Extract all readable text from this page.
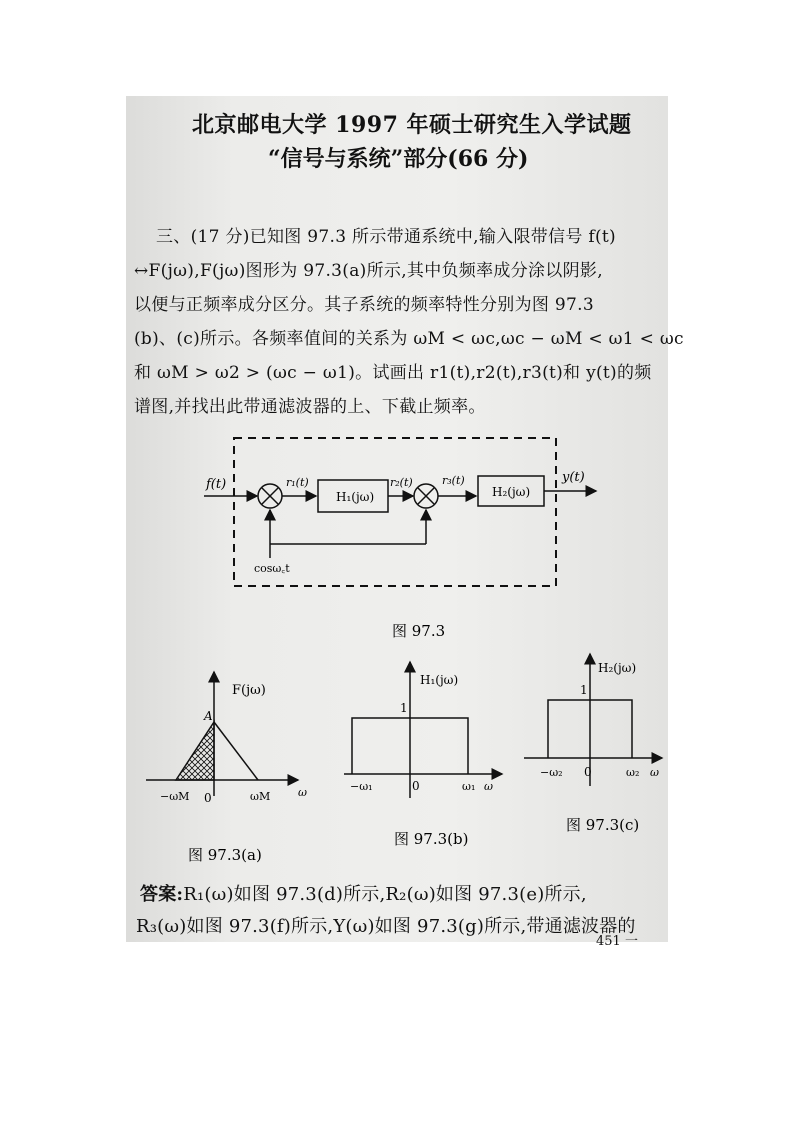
北京邮电大学 1997 年硕士研究生入学试题
“信号与系统”部分(66 分)
三、(17 分)已知图 97.3 所示带通系统中,输入限带信号 f(t)
↔F(jω),F(jω)图形为 97.3(a)所示,其中负频率成分涂以阴影,
以便与正频率成分区分。其子系统的频率特性分别为图 97.3
(b)、(c)所示。各频率值间的关系为 ωM < ωc,ωc − ωM < ω1 < ωc
和 ωM > ω2 > (ωc − ω1)。试画出 r1(t),r2(t),r3(t)和 y(t)的频
谱图,并找出此带通滤波器的上、下截止频率。
f(t)	r₁(t)
H₁(jω)
r₂(t)	r₃(t)
H₂(jω)
y(t)
cosω꜀t
图 97.3
F(jω)
A
−ωM 0	ωM	ω
图 97.3(a)
H₁(jω)
1
−ω₁	0	ω₁ ω
图 97.3(b)
H₂(jω)
1
−ω₂ 0	ω₂ ω
图 97.3(c)
答案:R₁(ω)如图 97.3(d)所示,R₂(ω)如图 97.3(e)所示,
R₃(ω)如图 97.3(f)所示,Y(ω)如图 97.3(g)所示,带通滤波器的
451 一
